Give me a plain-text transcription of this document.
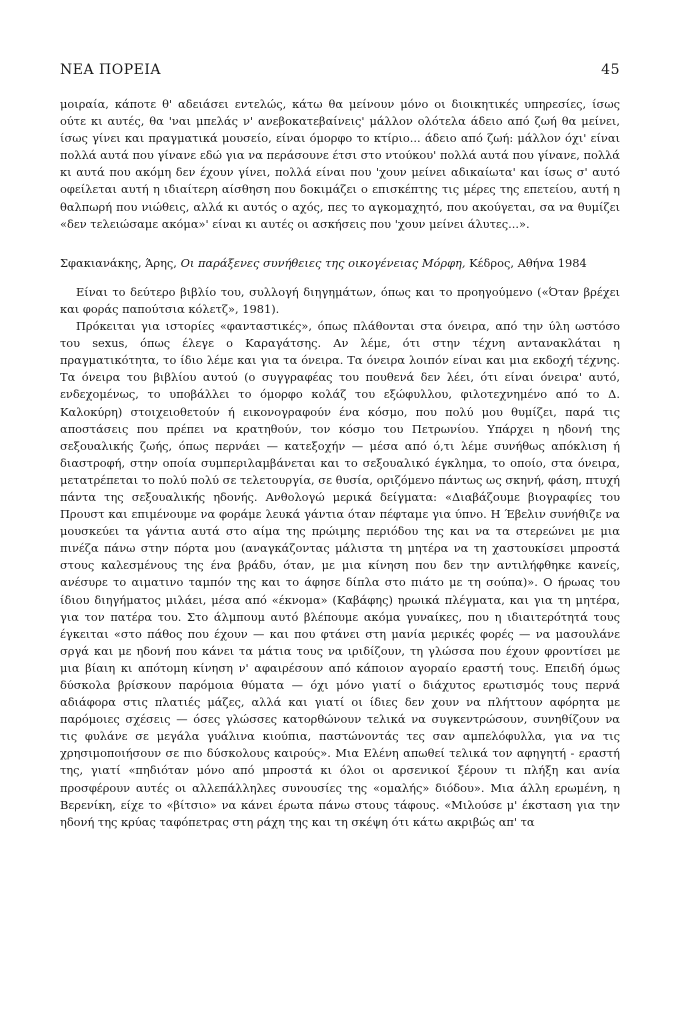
ΝΕΑ ΠΟΡΕΙΑ	45

μοιραία, κάποτε θ' αδειάσει εντελώς, κάτω θα μείνουν μόνο οι διοικητικές υπηρεσίες, ίσως ούτε κι αυτές, θα 'ναι μπελάς ν' ανεβοκατεβαίνεις' μάλλον ολότελα άδειο από ζωή θα μείνει, ίσως γίνει και πραγματικά μουσείο, είναι όμορφο το κτίριο... άδειο από ζωή: μάλλον όχι' είναι πολλά αυτά που γίνανε εδώ για να περάσουνε έτσι στο ντούκου' πολλά αυτά που γίνανε, πολλά κι αυτά που ακόμη δεν έχουν γίνει, πολλά είναι που 'χουν μείνει αδικαίωτα' και ίσως σ' αυτό οφείλεται αυτή η ιδιαίτερη αίσθηση που δοκιμάζει ο επισκέπτης τις μέρες της επετείου, αυτή η θαλπωρή που νιώθεις, αλλά κι αυτός ο αχός, πες το αγκομαχητό, που ακούγεται, σα να θυμίζει «δεν τελειώσαμε ακόμα»' είναι κι αυτές οι ασκήσεις που 'χουν μείνει άλυτες...».

Σφακιανάκης, Άρης, Οι παράξενες συνήθειες της οικογένειας Μόρφη, Κέδρος, Αθήνα 1984

Είναι το δεύτερο βιβλίο του, συλλογή διηγημάτων, όπως και το προηγούμενο («Όταν βρέχει και φοράς παπούτσια κόλετζ», 1981).

Πρόκειται για ιστορίες «φανταστικές», όπως πλάθονται στα όνειρα, από την ύλη ωστόσο του sexus, όπως έλεγε ο Καραγάτσης. Αν λέμε, ότι στην τέχνη αντανακλάται η πραγματικότητα, το ίδιο λέμε και για τα όνειρα. Τα όνειρα λοιπόν είναι και μια εκδοχή τέχνης. Τα όνειρα του βιβλίου αυτού (ο συγγραφέας του πουθενά δεν λέει, ότι είναι όνειρα' αυτό, ενδεχομένως, το υποβάλλει το όμορφο κολάζ του εξώφυλλου, φιλοτεχνημένο από το Δ. Καλοκύρη) στοιχειοθετούν ή εικονογραφούν ένα κόσμο, που πολύ μου θυμίζει, παρά τις αποστάσεις που πρέπει να κρατηθούν, τον κόσμο του Πετρωνίου. Υπάρχει η ηδονή της σεξουαλικής ζωής, όπως περνάει — κατεξοχήν — μέσα από ό,τι λέμε συνήθως απόκλιση ή διαστροφή, στην οποία συμπεριλαμβάνεται και το σεξουαλικό έγκλημα, το οποίο, στα όνειρα, μετατρέπεται το πολύ πολύ σε τελετουργία, σε θυσία, οριζόμενο πάντως ως σκηνή, φάση, πτυχή πάντα της σεξουαλικής ηδονής. Ανθολογώ μερικά δείγματα: «Διαβάζουμε βιογραφίες του Προυστ και επιμένουμε να φοράμε λευκά γάντια όταν πέφταμε για ύπνο. Η Έβελιν συνήθιζε να μουσκεύει τα γάντια αυτά στο αίμα της πρώιμης περιόδου της και να τα στερεώνει με μια πινέζα πάνω στην πόρτα μου (αναγκάζοντας μάλιστα τη μητέρα να τη χαστουκίσει μπροστά στους καλεσμένους της ένα βράδυ, όταν, με μια κίνηση που δεν την αντιλήφθηκε κανείς, ανέσυρε το αιματινο ταμπόν της και το άφησε δίπλα στο πιάτο με τη σούπα)». Ο ήρωας του ίδιου διηγήματος μιλάει, μέσα από «έκνομα» (Καβάφης) ηρωικά πλέγματα, και για τη μητέρα, για τον πατέρα του. Στο άλμπουμ αυτό βλέπουμε ακόμα γυναίκες, που η ιδιαιτερότητά τους έγκειται «στο πάθος που έχουν — και που φτάνει στη μανία μερικές φορές — να μασουλάνε σργά και με ηδονή που κάνει τα μάτια τους να ιριδίζουν, τη γλώσσα που έχουν φροντίσει με μια βίαιη κι απότομη κίνηση ν' αφαιρέσουν από κάποιον αγοραίο εραστή τους. Επειδή όμως δύσκολα βρίσκουν παρόμοια θύματα — όχι μόνο γιατί ο διάχυτος ερωτισμός τους περνά αδιάφορα στις πλατιές μάζες, αλλά και γιατί οι ίδιες δεν χουν να πλήττουν αφόρητα με παρόμοιες σχέσεις — όσες γλώσσες κατορθώνουν τελικά να συγκεντρώσουν, συνηθίζουν να τις φυλάνε σε μεγάλα γυάλινα κιούπια, παστώνοντάς τες σαν αμπελόφυλλα, για να τις χρησιμοποιήσουν σε πιο δύσκολους καιρούς». Μια Ελένη απωθεί τελικά τον αφηγητή - εραστή της, γιατί «πηδιόταν μόνο από μπροστά κι όλοι οι αρσενικοί ξέρουν τι πλήξη και ανία προσφέρουν αυτές οι αλλεπάλληλες συνουσίες της «ομαλής» διόδου». Μια άλλη ερωμένη, η Βερενίκη, είχε το «βίτσιο» να κάνει έρωτα πάνω στους τάφους. «Μιλούσε μ' έκσταση για την ηδονή της κρύας ταφόπετρας στη ράχη της και τη σκέψη ότι κάτω ακριβώς απ' τα
